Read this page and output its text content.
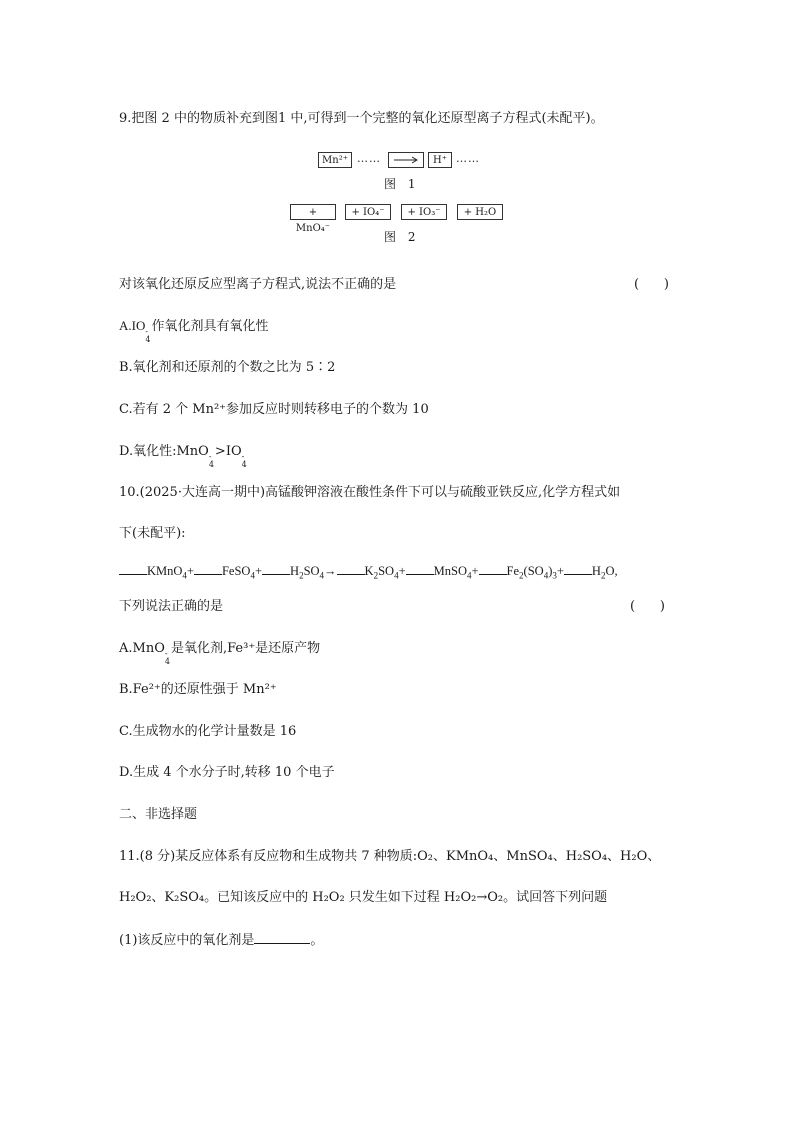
9.把图 2 中的物质补充到图1 中,可得到一个完整的氧化还原型离子方程式(未配平)。
Mn²⁺ ……	H⁺ ……
图 1
+ MnO₄⁻
+ IO₄⁻	+ IO₃⁻	+ H₂O
图 2
对该氧化还原反应型离子方程式,说法不正确的是	(      )
A.IO -
4
作氧化剂具有氧化性
B.氧化剂和还原剂的个数之比为 5∶2
C.若有 2 个 Mn²⁺参加反应时则转移电子的个数为 10
D.氧化性:MnO -
4
>IO -
4
10.(2025·大连高一期中)高锰酸钾溶液在酸性条件下可以与硫酸亚铁反应,化学方程式如
下(未配平):
KMnO$_4$+ FeSO$_4$+ $H_2SO_4\to K_2SO_4+$ MnSO$_4$+ $Fe_2(SO_4)_3+ H_2O$,
下列说法正确的是	(      )
A.MnO -
4
是氧化剂,Fe³⁺是还原产物
B.Fe²⁺的还原性强于 Mn²⁺
C.生成物水的化学计量数是 16
D.生成 4 个水分子时,转移 10 个电子
二、非选择题
11.(8 分)某反应体系有反应物和生成物共 7 种物质:O₂、KMnO₄、MnSO₄、H₂SO₄、H₂O、
H₂O₂、K₂SO₄。已知该反应中的 H₂O₂ 只发生如下过程 H₂O₂→O₂。试回答下列问题
(1)该反应中的氧化剂是	。
